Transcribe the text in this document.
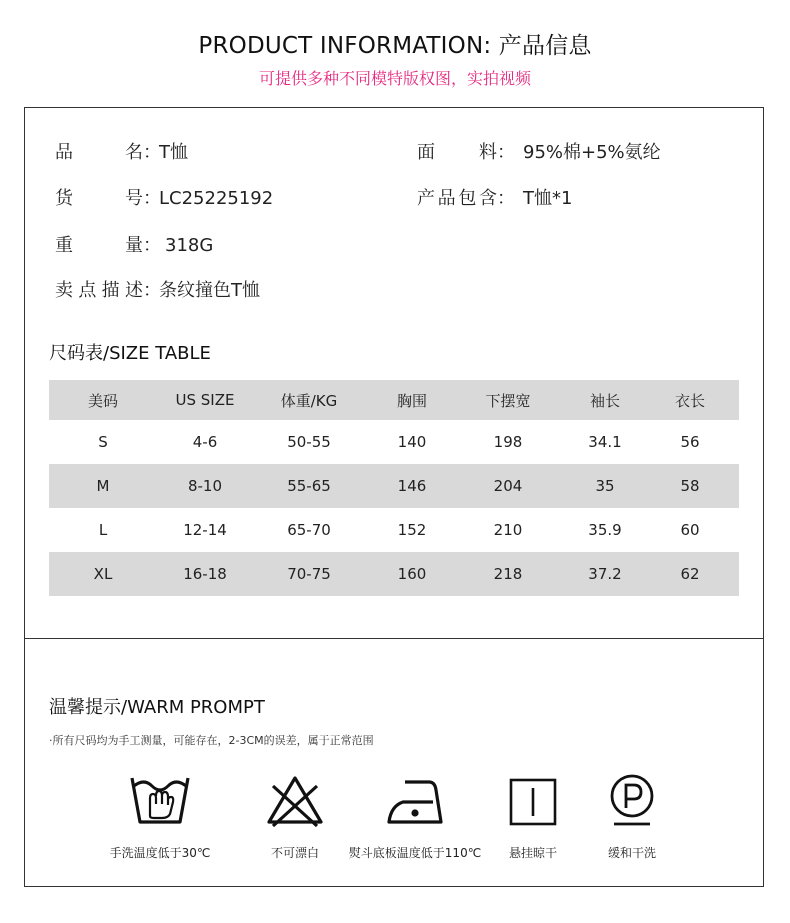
PRODUCT INFORMATION: 产品信息
可提供多种不同模特版权图，实拍视频
品名：T恤	面料： 95%棉+5%氨纶
货号：LC25225192	产品包含： T恤*1
重量： 318G
卖点描述：条纹撞色T恤
尺码表/SIZE TABLE
美码	US SIZE	体重/KG	胸围	下摆宽	袖长	衣长
S	4-6	50-55	140	198	34.1	56
M	8-10	55-65	146	204	35	58
L	12-14	65-70	152	210	35.9	60
XL	16-18	70-75	160	218	37.2	62
温馨提示/WARM PROMPT
·所有尺码均为手工测量，可能存在，2-3CM的误差，属于正常范围
手洗温度低于30℃	不可漂白	熨斗底板温度低于110℃	悬挂晾干	缓和干洗
